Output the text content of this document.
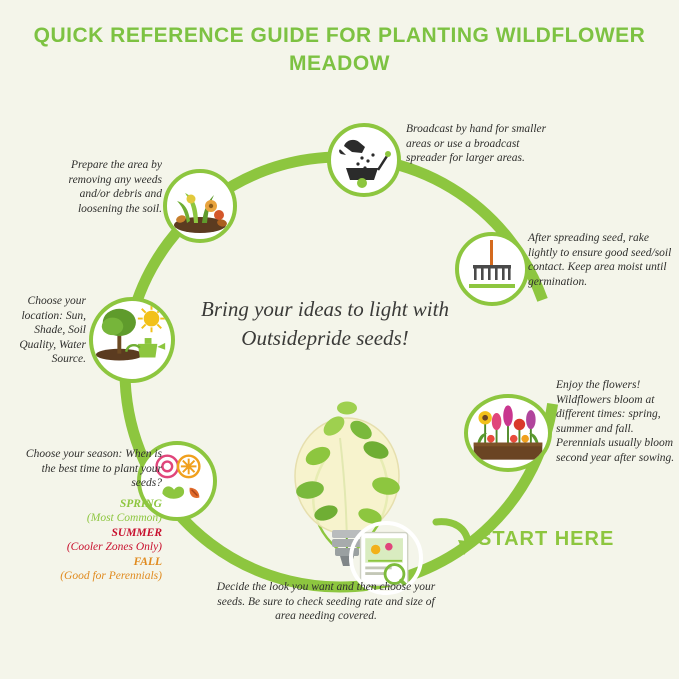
QUICK REFERENCE GUIDE FOR PLANTING WILDFLOWER MEADOW
Prepare the area by removing any weeds and/or debris and loosening the soil.
Broadcast by hand for smaller areas or use a broadcast spreader for larger areas.
After spreading seed, rake lightly to ensure good seed/soil contact. Keep area moist until germination.
Enjoy the flowers! Wildflowers bloom at different times: spring, summer and fall. Perennials usually bloom second year after sowing.
Decide the look you want and then choose your seeds. Be sure to check seeding rate and size of area needing covered.
Choose your season: When is the best time to plant your seeds?
SPRING
(Most Common)
SUMMER
(Cooler Zones Only)
FALL
(Good for Perennials)
Choose your location: Sun, Shade, Soil Quality, Water Source.
Bring your ideas to light with Outsidepride seeds!
START HERE
